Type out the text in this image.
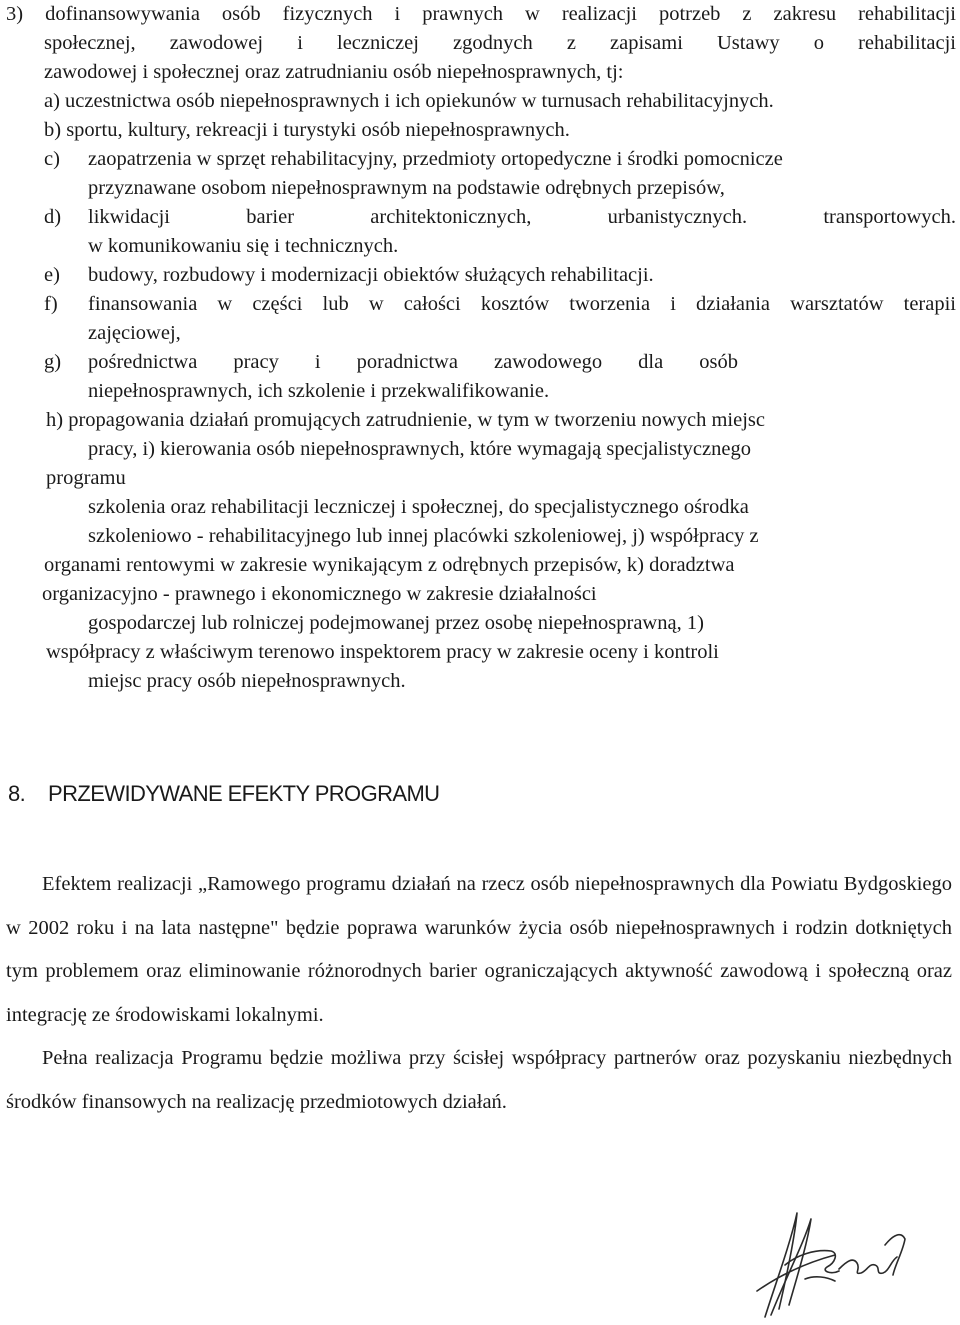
3) dofinansowywania osób fizycznych i prawnych w realizacji potrzeb z zakresu rehabilitacji
społecznej, zawodowej i leczniczej zgodnych z zapisami Ustawy o rehabilitacji
zawodowej i społecznej oraz zatrudnianiu osób niepełnosprawnych, tj:
a) uczestnictwa osób niepełnosprawnych i ich opiekunów w turnusach rehabilitacyjnych.
b) sportu, kultury, rekreacji i turystyki osób niepełnosprawnych.
c)	zaopatrzenia w sprzęt rehabilitacyjny, przedmioty ortopedyczne i środki pomocnicze
przyznawane osobom niepełnosprawnym na podstawie odrębnych przepisów,
d)	likwidacji barier architektonicznych, urbanistycznych. transportowych.
w komunikowaniu się i technicznych.
e)	budowy, rozbudowy i modernizacji obiektów służących rehabilitacji.
f)	finansowania w części lub w całości kosztów tworzenia i działania warsztatów terapii
zajęciowej,
g)	pośrednictwa pracy i poradnictwa zawodowego dla osób
niepełnosprawnych, ich szkolenie i przekwalifikowanie.
h) propagowania działań promujących zatrudnienie, w tym w tworzeniu nowych miejsc
pracy, i) kierowania osób niepełnosprawnych, które wymagają specjalistycznego
programu
szkolenia oraz rehabilitacji leczniczej i społecznej, do specjalistycznego ośrodka
szkoleniowo - rehabilitacyjnego lub innej placówki szkoleniowej, j) współpracy z
organami rentowymi w zakresie wynikającym z odrębnych przepisów, k) doradztwa
organizacyjno - prawnego i ekonomicznego w zakresie działalności
gospodarczej lub rolniczej podejmowanej przez osobę niepełnosprawną, 1)
współpracy z właściwym terenowo inspektorem pracy w zakresie oceny i kontroli
miejsc pracy osób niepełnosprawnych.
8. PRZEWIDYWANE EFEKTY PROGRAMU

Efektem realizacji „Ramowego programu działań na rzecz osób niepełnosprawnych dla Powiatu Bydgoskiego w 2002 roku i na lata następne" będzie poprawa warunków życia osób niepełnosprawnych i rodzin dotkniętych tym problemem oraz eliminowanie różnorodnych barier ograniczających aktywność zawodową i społeczną oraz integrację ze środowiskami lokalnymi.

Pełna realizacja Programu będzie możliwa przy ścisłej współpracy partnerów oraz pozyskaniu niezbędnych środków finansowych na realizację przedmiotowych działań.
